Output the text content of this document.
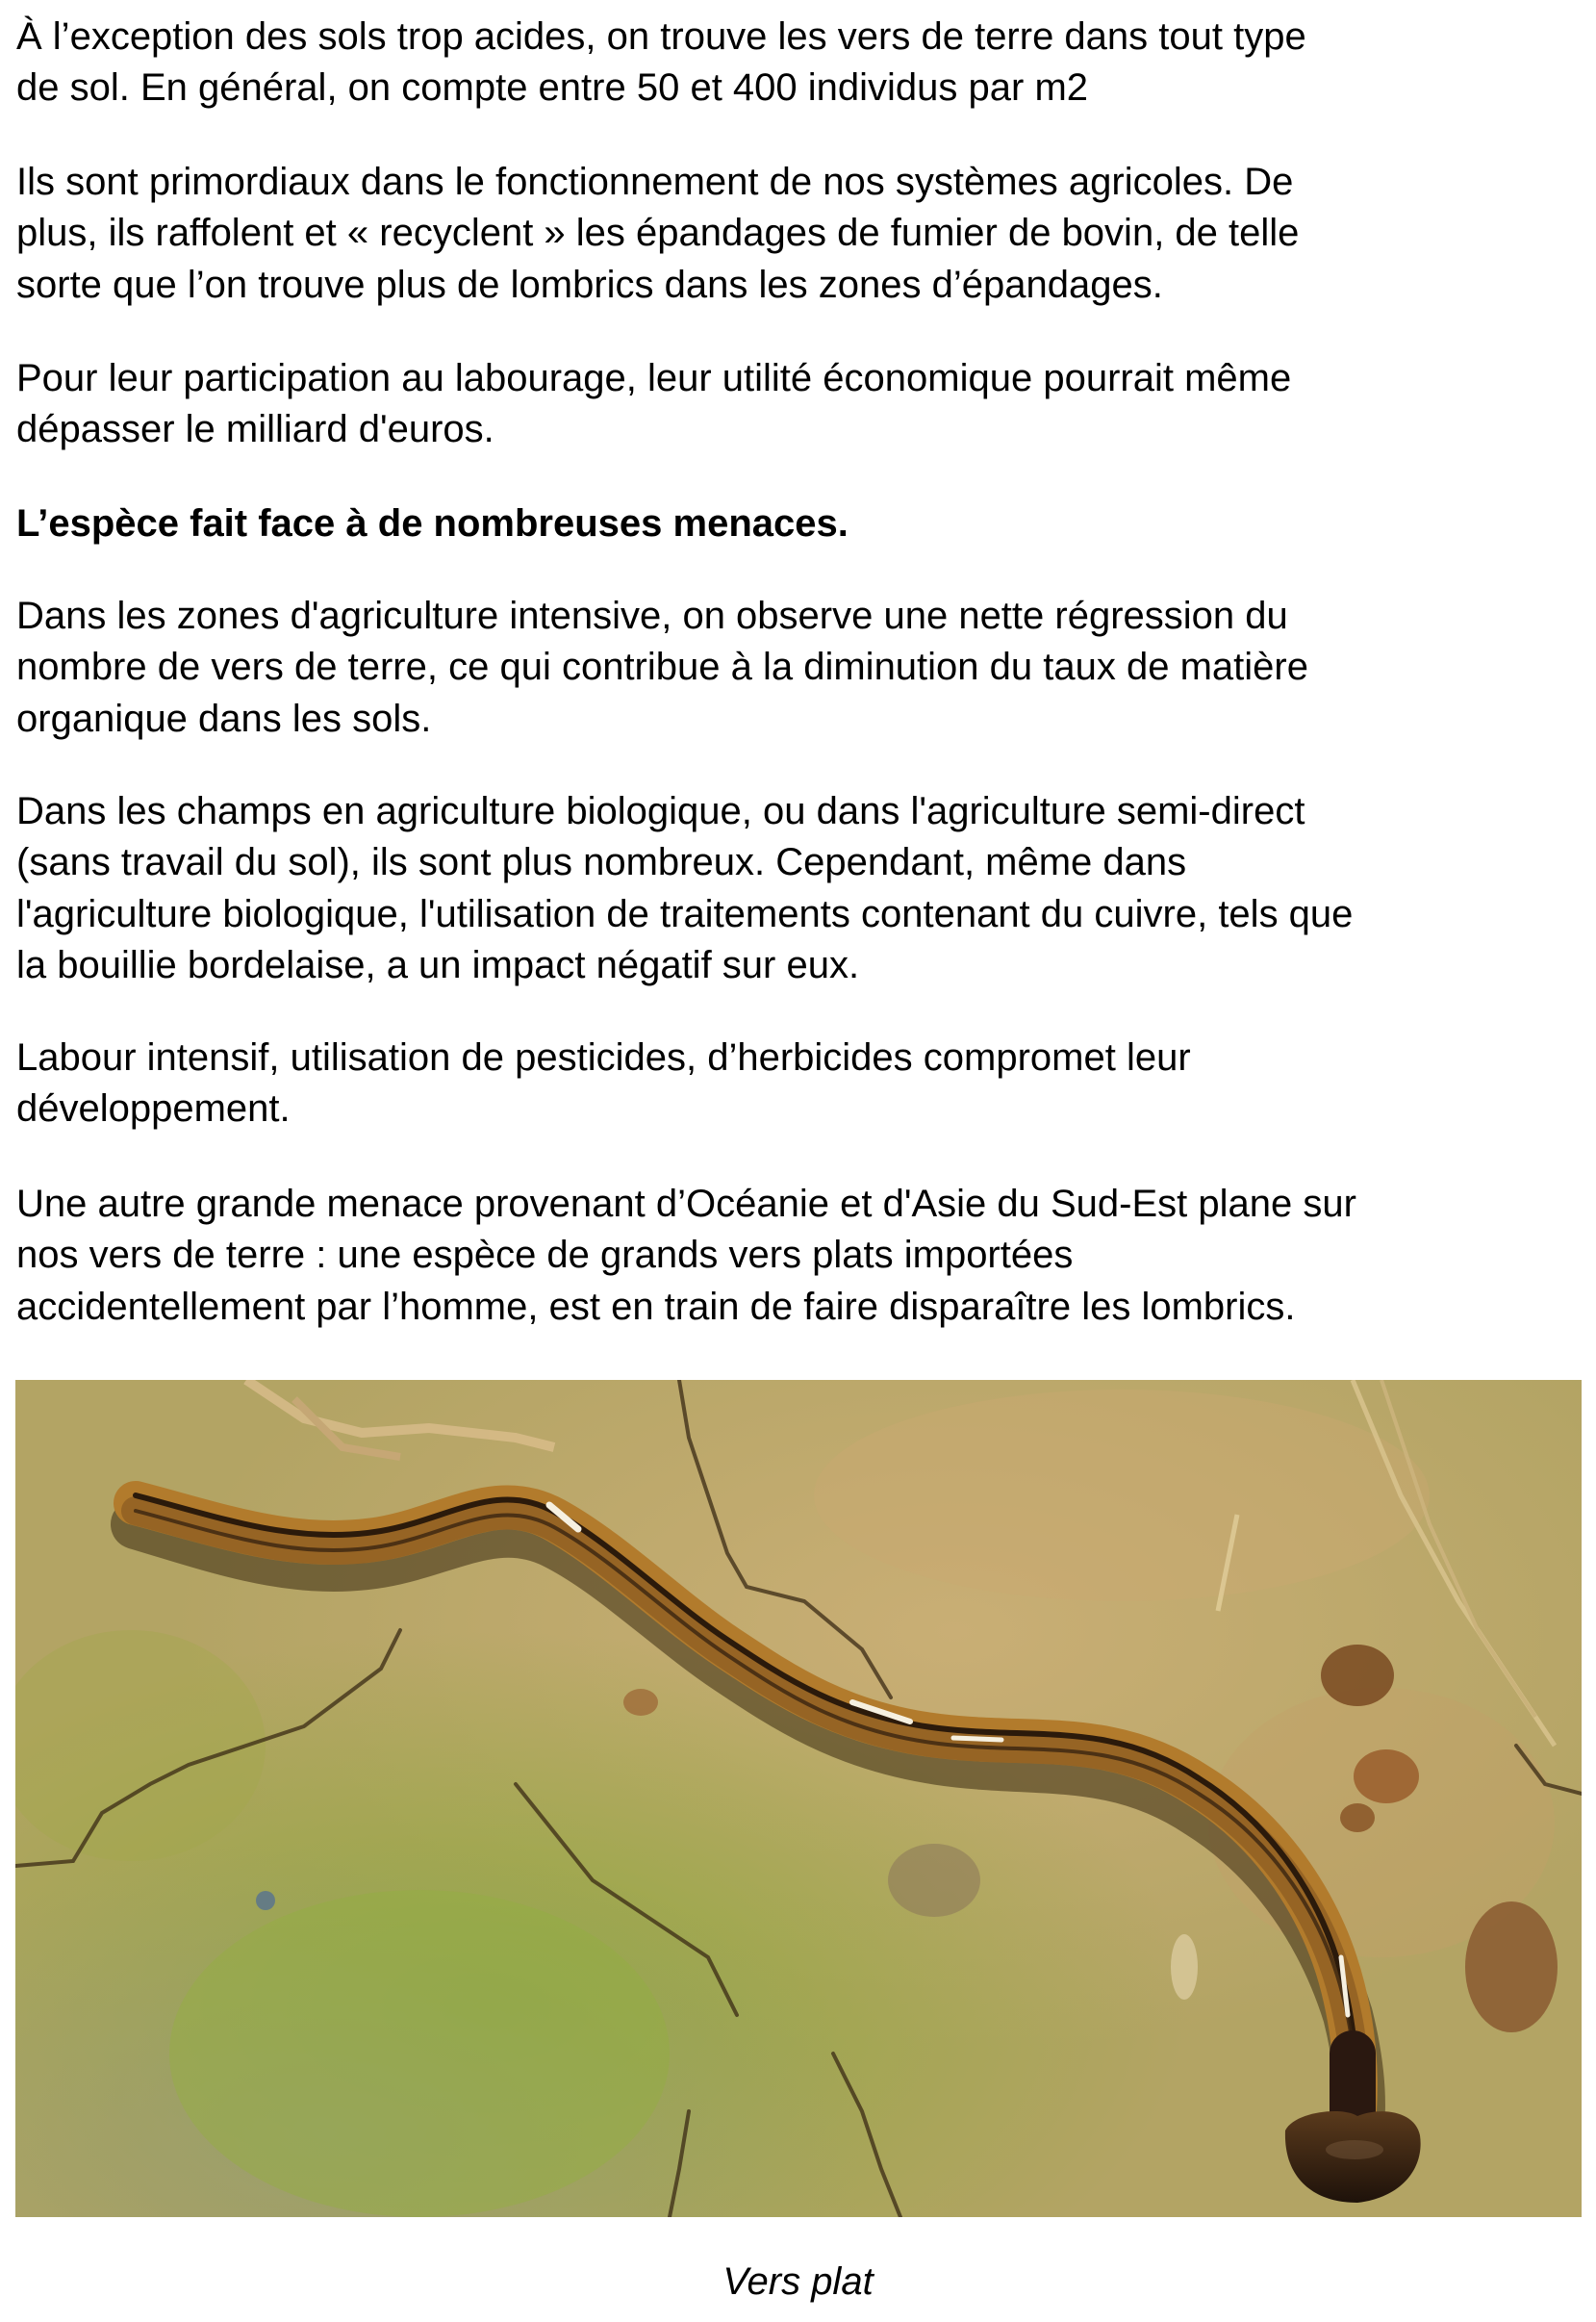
À l’exception des sols trop acides, on trouve les vers de terre dans tout type

de sol. En général, on compte entre 50 et 400 individus par m2

Ils sont primordiaux dans le fonctionnement de nos systèmes agricoles. De

plus, ils raffolent et « recyclent » les épandages de fumier de bovin, de telle

sorte que l’on trouve plus de lombrics dans les zones d’épandages.

Pour leur participation au labourage, leur utilité économique pourrait même

dépasser le milliard d'euros.

L’espèce fait face à de nombreuses menaces.

Dans les zones d'agriculture intensive, on observe une nette régression du

nombre de vers de terre, ce qui contribue à la diminution du taux de matière

organique dans les sols.

Dans les champs en agriculture biologique, ou dans l'agriculture semi-direct

(sans travail du sol), ils sont plus nombreux. Cependant, même dans

l'agriculture biologique, l'utilisation de traitements contenant du cuivre, tels que

la bouillie bordelaise, a un impact négatif sur eux.

Labour intensif, utilisation de pesticides, d’herbicides compromet leur

développement.

Une autre grande menace provenant d’Océanie et d'Asie du Sud-Est plane sur

nos vers de terre : une espèce de grands vers plats importées

accidentellement par l’homme, est en train de faire disparaître les lombrics.

Vers plat
